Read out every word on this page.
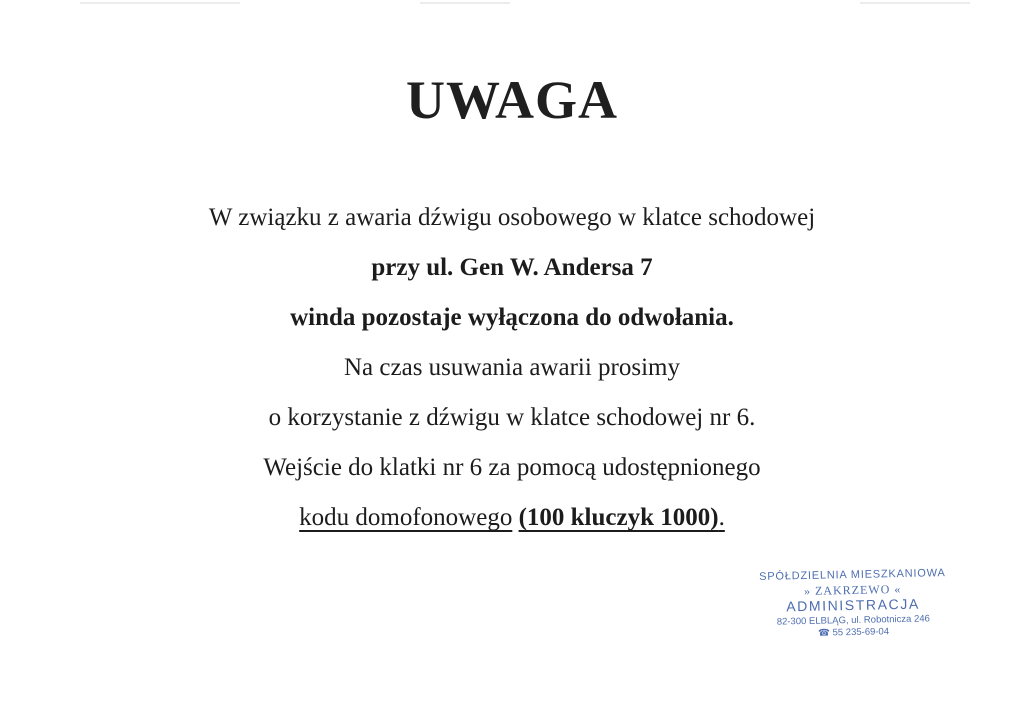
UWAGA
W związku z awaria dźwigu osobowego w klatce schodowej
przy ul. Gen W. Andersa 7
winda pozostaje wyłączona do odwołania.
Na czas usuwania awarii prosimy
o korzystanie z dźwigu w klatce schodowej nr 6.
Wejście do klatki nr 6 za pomocą udostępnionego
kodu domofonowego (100 kluczyk 1000).
SPÓŁDZIELNIA MIESZKANIOWA
» ZAKRZEWO «
ADMINISTRACJA
82-300 ELBLĄG, ul. Robotnicza 246
☎ 55 235-69-04
